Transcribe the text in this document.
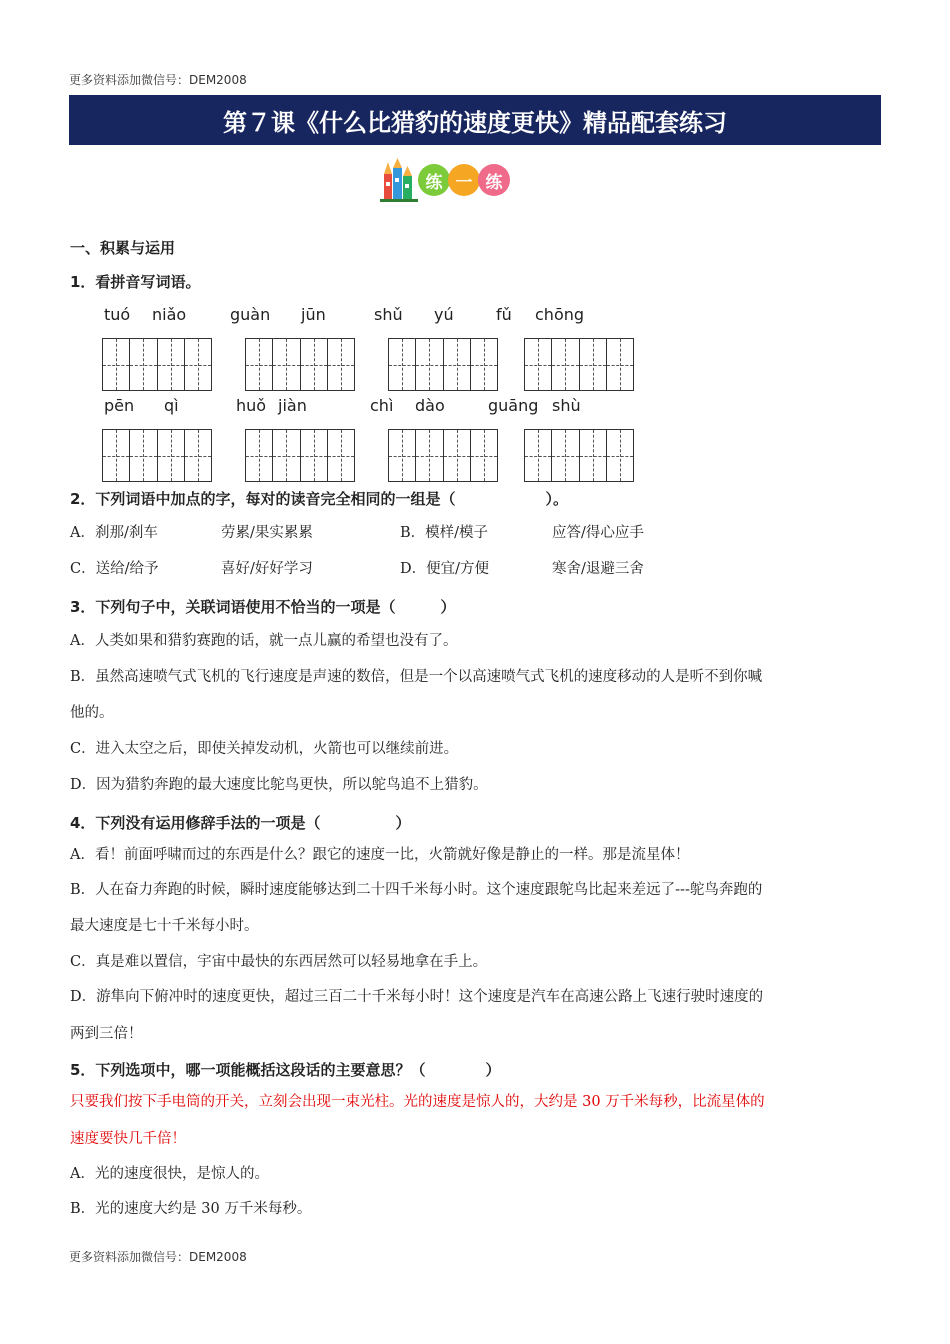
更多资料添加微信号：DEM2008
第７课《什么比猎豹的速度更快》精品配套练习
练 一 练
一、积累与运用
1．看拼音写词语。
tuó niǎo	guàn jūn	shǔ yú	fǔ chōng
pēn qì	huǒ jiàn	chì dào	guāng shù
2．下列词语中加点的字，每对的读音完全相同的一组是（　　　　　　）。
A．刹那/刹车	劳累/果实累累	B．模样/模子	应答/得心应手
C．送给/给予	喜好/好好学习	D．便宜/方便	寒舍/退避三舍
3．下列句子中，关联词语使用不恰当的一项是（　　　）
A．人类如果和猎豹赛跑的话，就一点儿赢的希望也没有了。
B．虽然高速喷气式飞机的飞行速度是声速的数倍，但是一个以高速喷气式飞机的速度移动的人是听不到你喊
他的。
C．进入太空之后，即使关掉发动机，火箭也可以继续前进。
D．因为猎豹奔跑的最大速度比鸵鸟更快，所以鸵鸟追不上猎豹。
4．下列没有运用修辞手法的一项是（　　　　　）
A．看！前面呼啸而过的东西是什么？跟它的速度一比，火箭就好像是静止的一样。那是流星体！
B．人在奋力奔跑的时候，瞬时速度能够达到二十四千米每小时。这个速度跟鸵鸟比起来差远了---鸵鸟奔跑的
最大速度是七十千米每小时。
C．真是难以置信，宇宙中最快的东西居然可以轻易地拿在手上。
D．游隼向下俯冲时的速度更快，超过三百二十千米每小时！这个速度是汽车在高速公路上飞速行驶时速度的
两到三倍！
5．下列选项中，哪一项能概括这段话的主要意思？（　　　　）
只要我们按下手电筒的开关，立刻会出现一束光柱。光的速度是惊人的，大约是 30 万千米每秒，比流星体的
速度要快几千倍！
A．光的速度很快，是惊人的。
B．光的速度大约是 30 万千米每秒。
更多资料添加微信号：DEM2008
